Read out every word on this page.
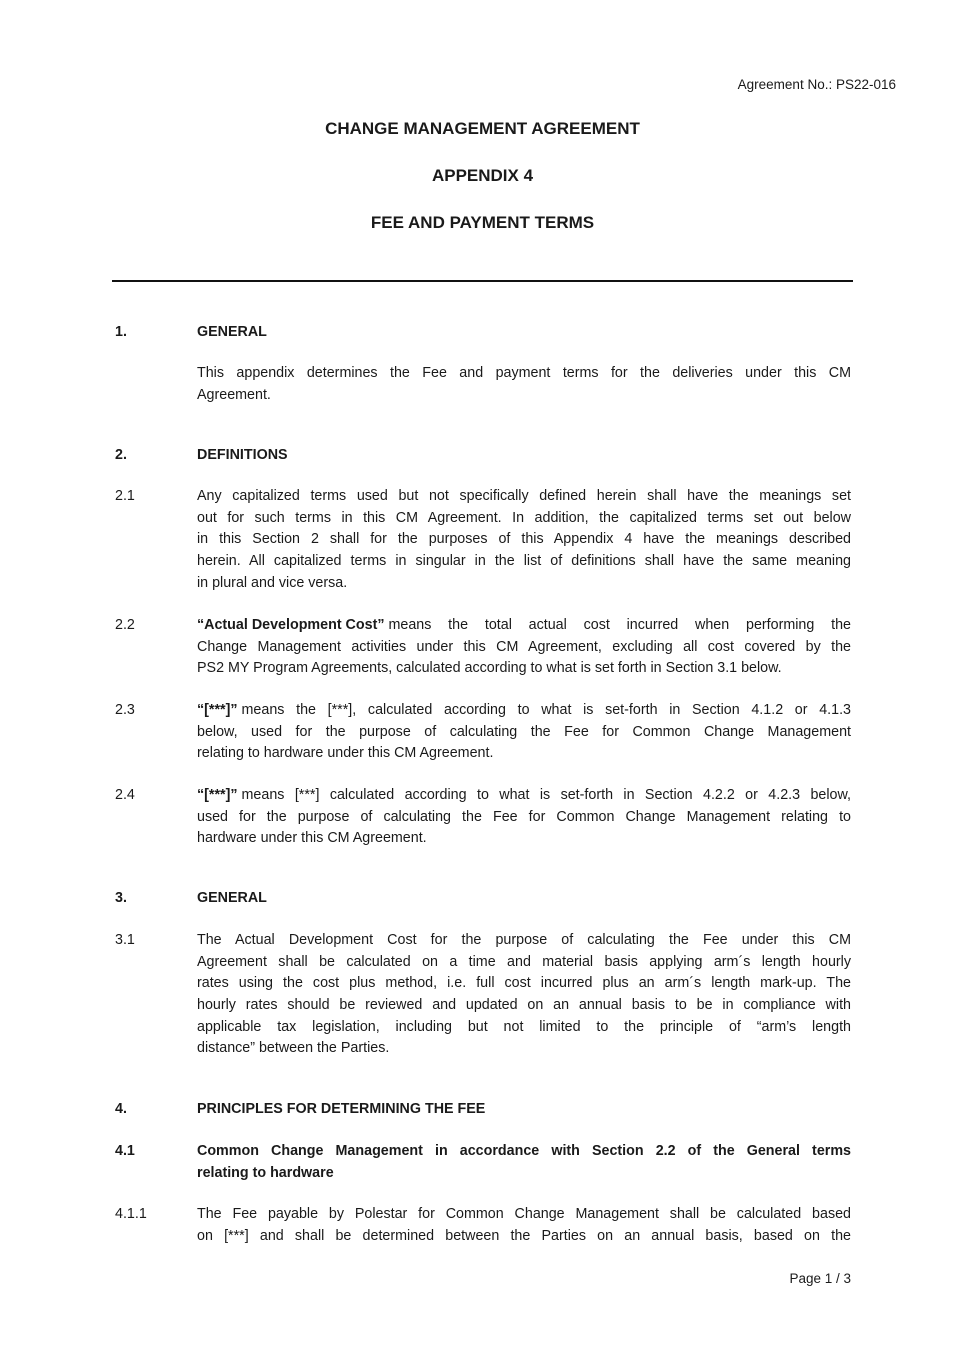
Agreement No.: PS22-016
CHANGE MANAGEMENT AGREEMENT
APPENDIX 4
FEE AND PAYMENT TERMS
1.	GENERAL
This appendix determines the Fee and payment terms for the deliveries under this CM
Agreement.
2.	DEFINITIONS
2.1	Any capitalized terms used but not specifically defined herein shall have the meanings set
out for such terms in this CM Agreement. In addition, the capitalized terms set out below
in this Section 2 shall for the purposes of this Appendix 4 have the meanings described
herein. All capitalized terms in singular in the list of definitions shall have the same meaning
in plural and vice versa.
2.2	“Actual Development Cost” means the total actual cost incurred when performing the
Change Management activities under this CM Agreement, excluding all cost covered by the
PS2 MY Program Agreements, calculated according to what is set forth in Section 3.1 below.
2.3	“[***]” means the [***], calculated according to what is set-forth in Section 4.1.2 or 4.1.3
below, used for the purpose of calculating the Fee for Common Change Management
relating to hardware under this CM Agreement.
2.4	“[***]” means [***] calculated according to what is set-forth in Section 4.2.2 or 4.2.3 below,
used for the purpose of calculating the Fee for Common Change Management relating to
hardware under this CM Agreement.
3.	GENERAL
3.1	The Actual Development Cost for the purpose of calculating the Fee under this CM
Agreement shall be calculated on a time and material basis applying arm´s length hourly
rates using the cost plus method, i.e. full cost incurred plus an arm´s length mark-up. The
hourly rates should be reviewed and updated on an annual basis to be in compliance with
applicable tax legislation, including but not limited to the principle of “arm’s length
distance” between the Parties.
4.	PRINCIPLES FOR DETERMINING THE FEE
4.1	Common Change Management in accordance with Section 2.2 of the General terms
relating to hardware
4.1.1	The Fee payable by Polestar for Common Change Management shall be calculated based
on [***] and shall be determined between the Parties on an annual basis, based on the
Page 1 / 3
